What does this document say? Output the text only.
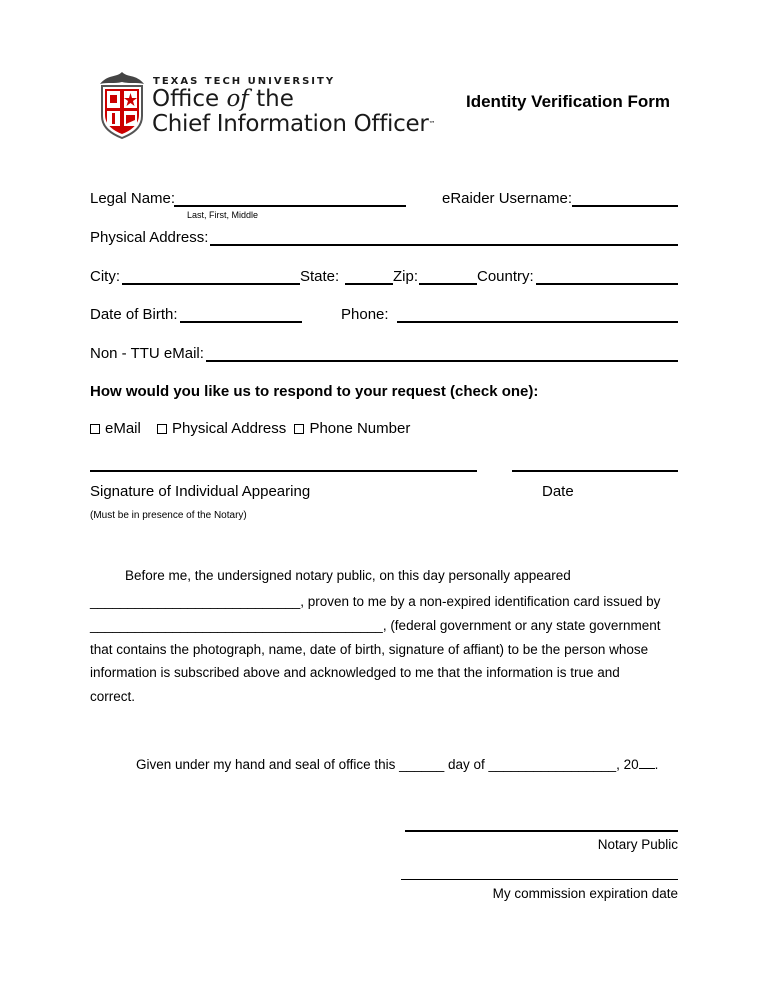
TEXAS TECH UNIVERSITY
Office of the
Chief Information Officer™
Identity Verification Form
Legal Name:
Last, First, Middle
eRaider Username:
Physical Address:
City:	State:	Zip:	Country:
Date of Birth:	Phone:
Non - TTU eMail:
How would you like us to respond to your request (check one):
eMail Physical Address Phone Number
Signature of Individual Appearing	Date
(Must be in presence of the Notary)
Before me, the undersigned notary public, on this day personally appeared
____________________________, proven to me by a non-expired identification card issued by
_______________________________________, (federal government or any state government
that contains the photograph, name, date of birth, signature of affiant) to be the person whose
information is subscribed above and acknowledged to me that the information is true and
correct.
Given under my hand and seal of office this ______ day of _________________, 20 .
Notary Public
My commission expiration date
